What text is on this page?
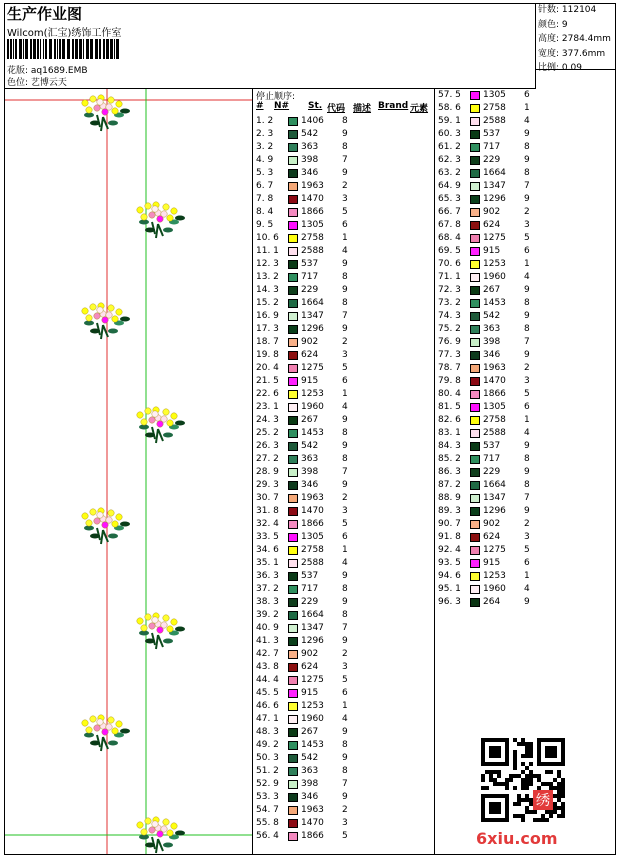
生产作业图
Wilcom(汇宝)绣饰工作室
花版: aq1689.EMB
色位: 艺博云天
针数: 112104
颜色: 9
高度: 2784.4mm
宽度: 377.6mm
比例: 0.09
停止顺序:
# N# St. 代码 描述 Brand 元素
1. 2	1406 8
2. 3	542	9
3. 2	363	8
4. 9	398	7
5. 3	346	9
6. 7	1963 2
7. 8	1470 3
8. 4	1866 5
9. 5	1305 6
10. 6 2758 1
11. 1 2588 4
12. 3 537	9
13. 2 717	8
14. 3 229	9
15. 2 1664 8
16. 9 1347 7
17. 3 1296 9
18. 7 902	2
19. 8 624	3
20. 4 1275 5
21. 5 915	6
22. 6 1253 1
23. 1 1960 4
24. 3 267	9
25. 2 1453 8
26. 3 542	9
27. 2 363	8
28. 9 398	7
29. 3 346	9
30. 7 1963 2
31. 8 1470 3
32. 4 1866 5
33. 5 1305 6
34. 6 2758 1
35. 1 2588 4
36. 3 537	9
37. 2 717	8
38. 3 229	9
39. 2 1664 8
40. 9 1347 7
41. 3 1296 9
42. 7 902	2
43. 8 624	3
44. 4 1275 5
45. 5 915	6
46. 6 1253 1
47. 1 1960 4
48. 3 267	9
49. 2 1453 8
50. 3 542	9
51. 2 363	8
52. 9 398	7
53. 3 346	9
54. 7 1963 2
55. 8 1470 3
56. 4 1866 5
57. 5 1305 6
58. 6 2758 1
59. 1 2588 4
60. 3 537	9
61. 2 717	8
62. 3 229	9
63. 2 1664 8
64. 9 1347 7
65. 3 1296 9
66. 7 902	2
67. 8 624	3
68. 4 1275 5
69. 5 915	6
70. 6 1253 1
71. 1 1960 4
72. 3 267	9
73. 2 1453 8
74. 3 542	9
75. 2 363	8
76. 9 398	7
77. 3 346	9
78. 7 1963 2
79. 8 1470 3
80. 4 1866 5
81. 5 1305 6
82. 6 2758 1
83. 1 2588 4
84. 3 537	9
85. 2 717	8
86. 3 229	9
87. 2 1664 8
88. 9 1347 7
89. 3 1296 9
90. 7 902	2
91. 8 624	3
92. 4 1275 5
93. 5 915	6
94. 6 1253 1
95. 1 1960 4
96. 3 264	9
绣
6xiu.com
